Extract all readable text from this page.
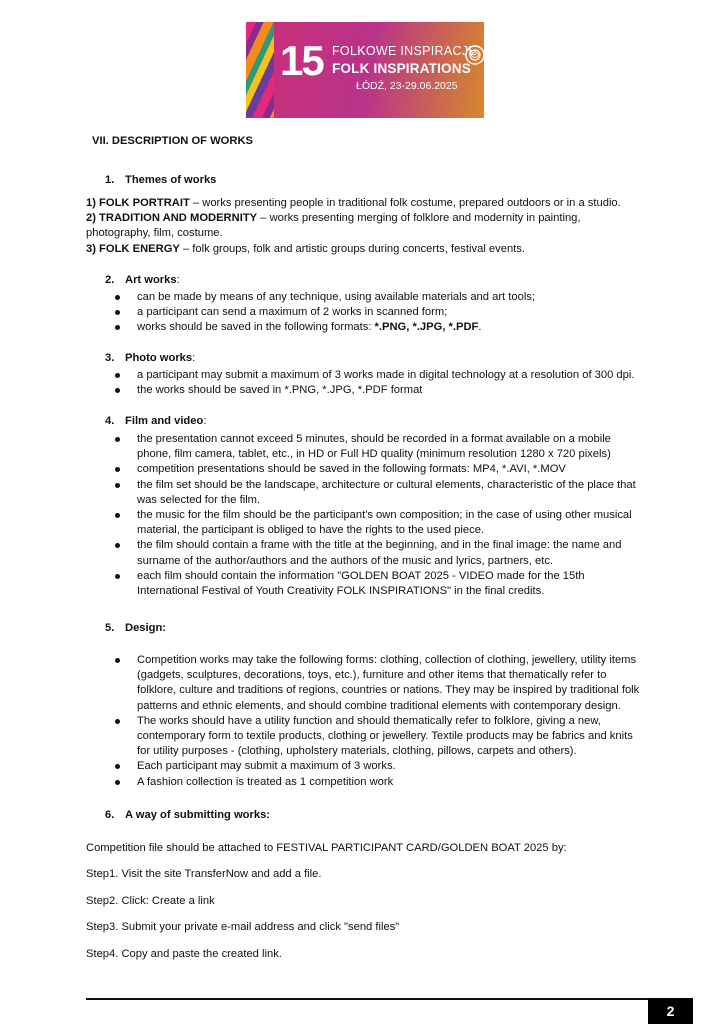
15 FOLKOWE INSPIRACJE
FOLK INSPIRATIONS
ŁÓDŹ, 23-29.06.2025
VII. DESCRIPTION OF WORKS
1. Themes of works

1) FOLK PORTRAIT – works presenting people in traditional folk costume, prepared outdoors or in a studio.

2) TRADITION AND MODERNITY – works presenting merging of folklore and modernity in painting, photography, film, costume.

3) FOLK ENERGY – folk groups, folk and artistic groups during concerts, festival events.

2. Art works:
can be made by means of any technique, using available materials and art tools;
a participant can send a maximum of 2 works in scanned form;
works should be saved in the following formats: *.PNG, *.JPG, *.PDF.
3. Photo works:
a participant may submit a maximum of 3 works made in digital technology at a resolution of 300 dpi.
the works should be saved in *.PNG, *.JPG, *.PDF format
4. Film and video:
the presentation cannot exceed 5 minutes, should be recorded in a format available on a mobile phone, film camera, tablet, etc., in HD or Full HD quality (minimum resolution 1280 x 720 pixels)
competition presentations should be saved in the following formats: MP4, *.AVI, *.MOV
the film set should be the landscape, architecture or cultural elements, characteristic of the place that was selected for the film.
the music for the film should be the participant's own composition; in the case of using other musical material, the participant is obliged to have the rights to the used piece.
the film should contain a frame with the title at the beginning, and in the final image: the name and surname of the author/authors and the authors of the music and lyrics, partners, etc.
each film should contain the information "GOLDEN BOAT 2025 - VIDEO made for the 15th International Festival of Youth Creativity FOLK INSPIRATIONS" in the final credits.
5. Design:
Competition works may take the following forms: clothing, collection of clothing, jewellery, utility items (gadgets, sculptures, decorations, toys, etc.), furniture and other items that thematically refer to folklore, culture and traditions of regions, countries or nations. They may be inspired by traditional folk patterns and ethnic elements, and should combine traditional elements with contemporary design.
The works should have a utility function and should thematically refer to folklore, giving a new, contemporary form to textile products, clothing or jewellery. Textile products may be fabrics and knits for utility purposes - (clothing, upholstery materials, clothing, pillows, carpets and others).
Each participant may submit a maximum of 3 works.
A fashion collection is treated as 1 competition work
6. A way of submitting works:
Competition file should be attached to FESTIVAL PARTICIPANT CARD/GOLDEN BOAT 2025 by:
Step1. Visit the site TransferNow and add a file.
Step2. Click: Create a link
Step3. Submit your private e-mail address and click "send files"
Step4. Copy and paste the created link.
2
